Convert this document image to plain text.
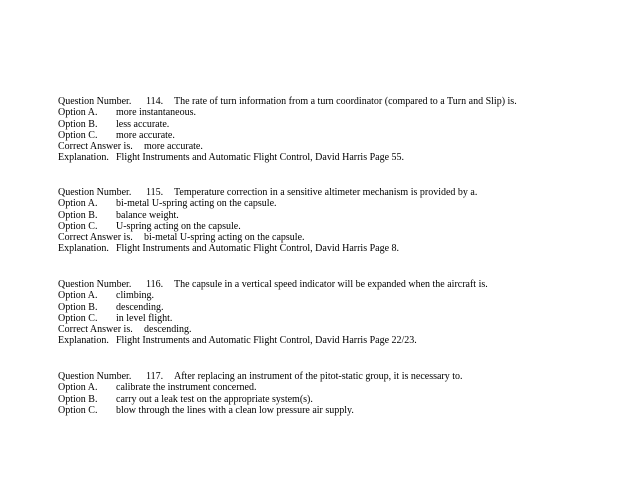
Question Number. 114. The rate of turn information from a turn coordinator (compared to a Turn and Slip) is.
Option A. more instantaneous.
Option B. less accurate.
Option C. more accurate.
Correct Answer is. more accurate.
Explanation. Flight Instruments and Automatic Flight Control, David Harris Page 55.
Question Number. 115. Temperature correction in a sensitive altimeter mechanism is provided by a.
Option A. bi-metal U-spring acting on the capsule.
Option B. balance weight.
Option C. U-spring acting on the capsule.
Correct Answer is. bi-metal U-spring acting on the capsule.
Explanation. Flight Instruments and Automatic Flight Control, David Harris Page 8.
Question Number. 116. The capsule in a vertical speed indicator will be expanded when the aircraft is.
Option A. climbing.
Option B. descending.
Option C. in level flight.
Correct Answer is. descending.
Explanation. Flight Instruments and Automatic Flight Control, David Harris Page 22/23.
Question Number. 117. After replacing an instrument of the pitot-static group, it is necessary to.
Option A. calibrate the instrument concerned.
Option B. carry out a leak test on the appropriate system(s).
Option C. blow through the lines with a clean low pressure air supply.
